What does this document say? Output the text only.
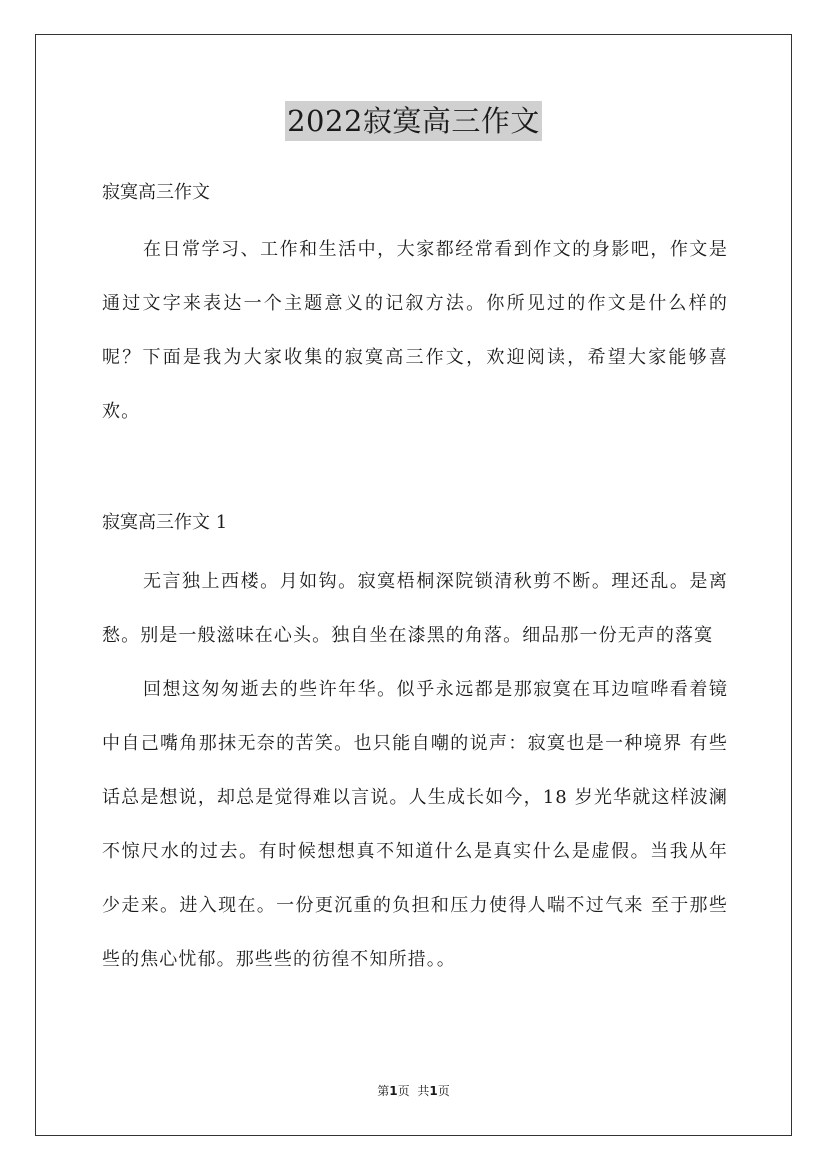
2022寂寞高三作文

寂寞高三作文

在日常学习、工作和生活中，大家都经常看到作文的身影吧，作文是通过文字来表达一个主题意义的记叙方法。你所见过的作文是什么样的呢？下面是我为大家收集的寂寞高三作文，欢迎阅读，希望大家能够喜欢。

寂寞高三作文 1

无言独上西楼。月如钩。寂寞梧桐深院锁清秋剪不断。理还乱。是离愁。别是一般滋味在心头。独自坐在漆黑的角落。细品那一份无声的落寞

回想这匆匆逝去的些许年华。似乎永远都是那寂寞在耳边喧哗看着镜中自己嘴角那抹无奈的苦笑。也只能自嘲的说声：寂寞也是一种境界 有些话总是想说，却总是觉得难以言说。人生成长如今，18 岁光华就这样波澜不惊尺水的过去。有时候想想真不知道什么是真实什么是虚假。当我从年少走来。进入现在。一份更沉重的负担和压力使得人喘不过气来 至于那些些的焦心忧郁。那些些的彷徨不知所措。。

第1页 共1页
